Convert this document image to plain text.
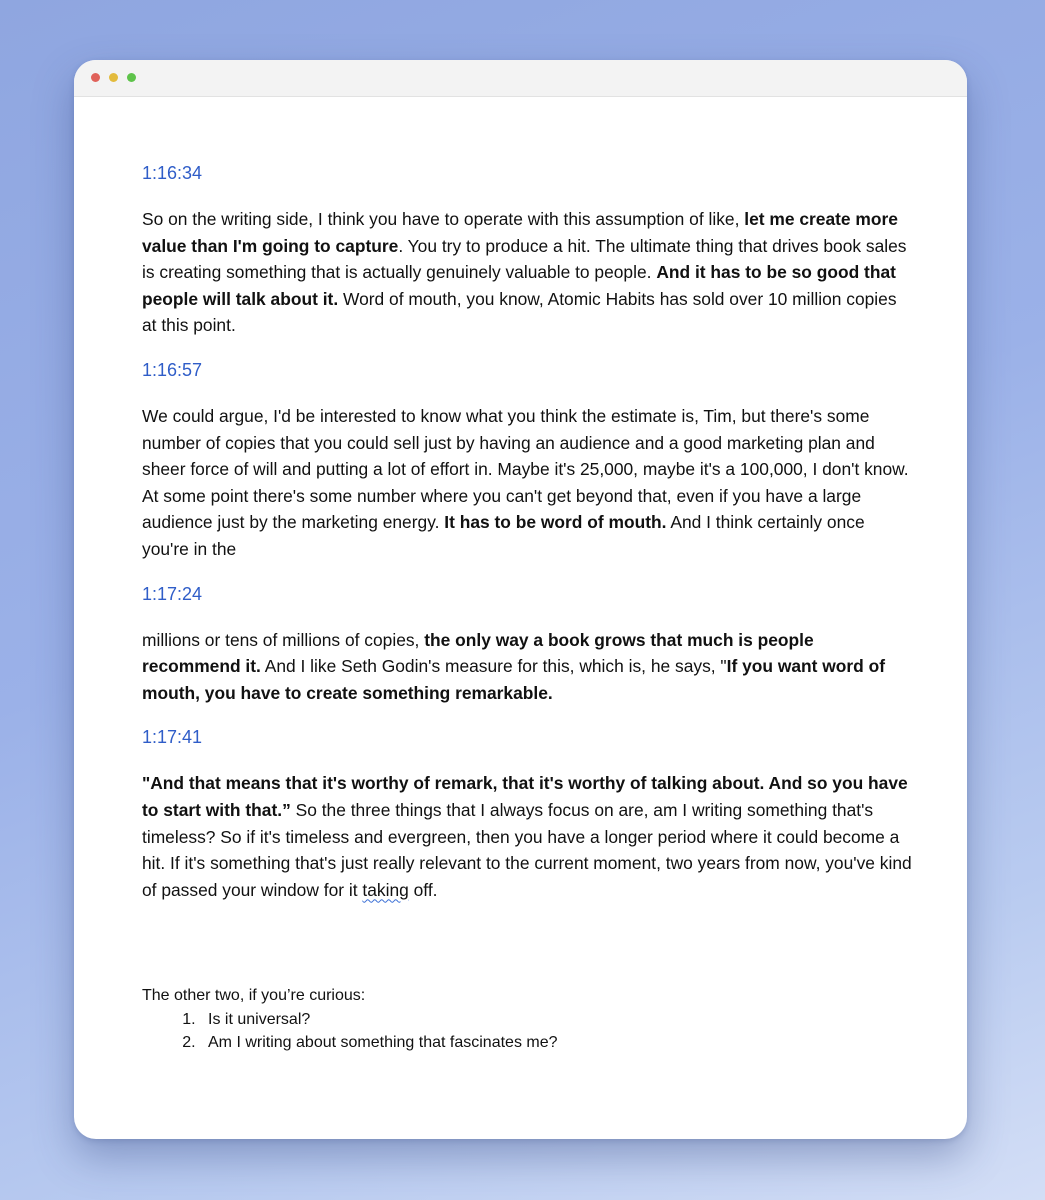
1:16:34

So on the writing side, I think you have to operate with this assumption of like, let me create more value than I'm going to capture. You try to produce a hit. The ultimate thing that drives book sales is creating something that is actually genuinely valuable to people. And it has to be so good that people will talk about it. Word of mouth, you know, Atomic Habits has sold over 10 million copies at this point.

1:16:57

We could argue, I'd be interested to know what you think the estimate is, Tim, but there's some number of copies that you could sell just by having an audience and a good marketing plan and sheer force of will and putting a lot of effort in. Maybe it's 25,000, maybe it's a 100,000, I don't know. At some point there's some number where you can't get beyond that, even if you have a large audience just by the marketing energy. It has to be word of mouth. And I think certainly once you're in the

1:17:24

millions or tens of millions of copies, the only way a book grows that much is people recommend it. And I like Seth Godin's measure for this, which is, he says, "If you want word of mouth, you have to create something remarkable.

1:17:41

"And that means that it's worthy of remark, that it's worthy of talking about. And so you have to start with that.” So the three things that I always focus on are, am I writing something that's timeless? So if it's timeless and evergreen, then you have a longer period where it could become a hit. If it's something that's just really relevant to the current moment, two years from now, you've kind of passed your window for it taking off.

The other two, if you’re curious:
1. Is it universal?
2. Am I writing about something that fascinates me?
